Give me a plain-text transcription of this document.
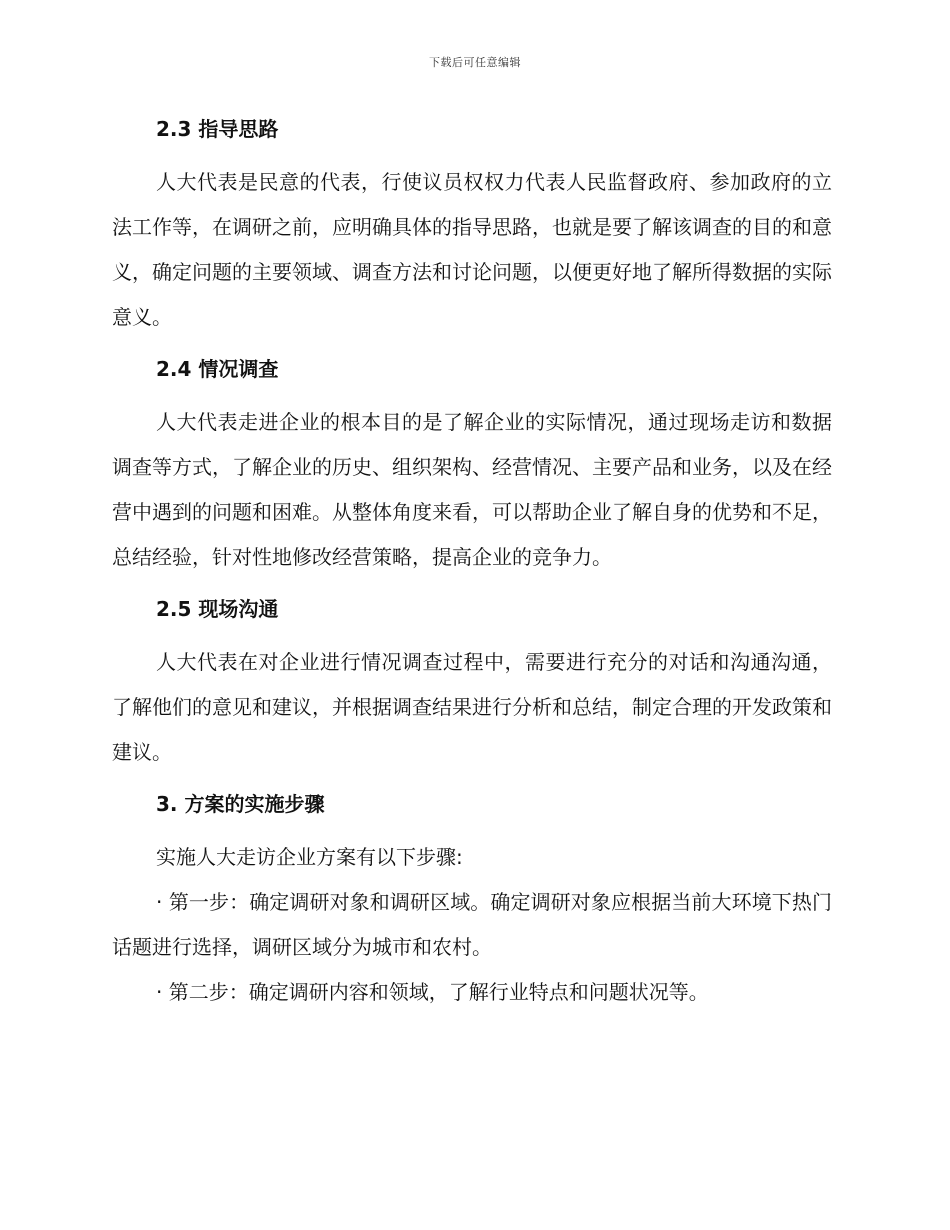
下载后可任意编辑
2.3 指导思路

人大代表是民意的代表，行使议员权权力代表人民监督政府、参加政府的立法工作等，在调研之前，应明确具体的指导思路，也就是要了解该调查的目的和意义，确定问题的主要领域、调查方法和讨论问题，以便更好地了解所得数据的实际意义。

2.4 情况调查

人大代表走进企业的根本目的是了解企业的实际情况，通过现场走访和数据调查等方式，了解企业的历史、组织架构、经营情况、主要产品和业务，以及在经营中遇到的问题和困难。从整体角度来看，可以帮助企业了解自身的优势和不足，总结经验，针对性地修改经营策略，提高企业的竞争力。

2.5 现场沟通

人大代表在对企业进行情况调查过程中，需要进行充分的对话和沟通沟通，了解他们的意见和建议，并根据调查结果进行分析和总结，制定合理的开发政策和建议。

3. 方案的实施步骤

实施人大走访企业方案有以下步骤:

· 第一步：确定调研对象和调研区域。确定调研对象应根据当前大环境下热门话题进行选择，调研区域分为城市和农村。

· 第二步：确定调研内容和领域，了解行业特点和问题状况等。
